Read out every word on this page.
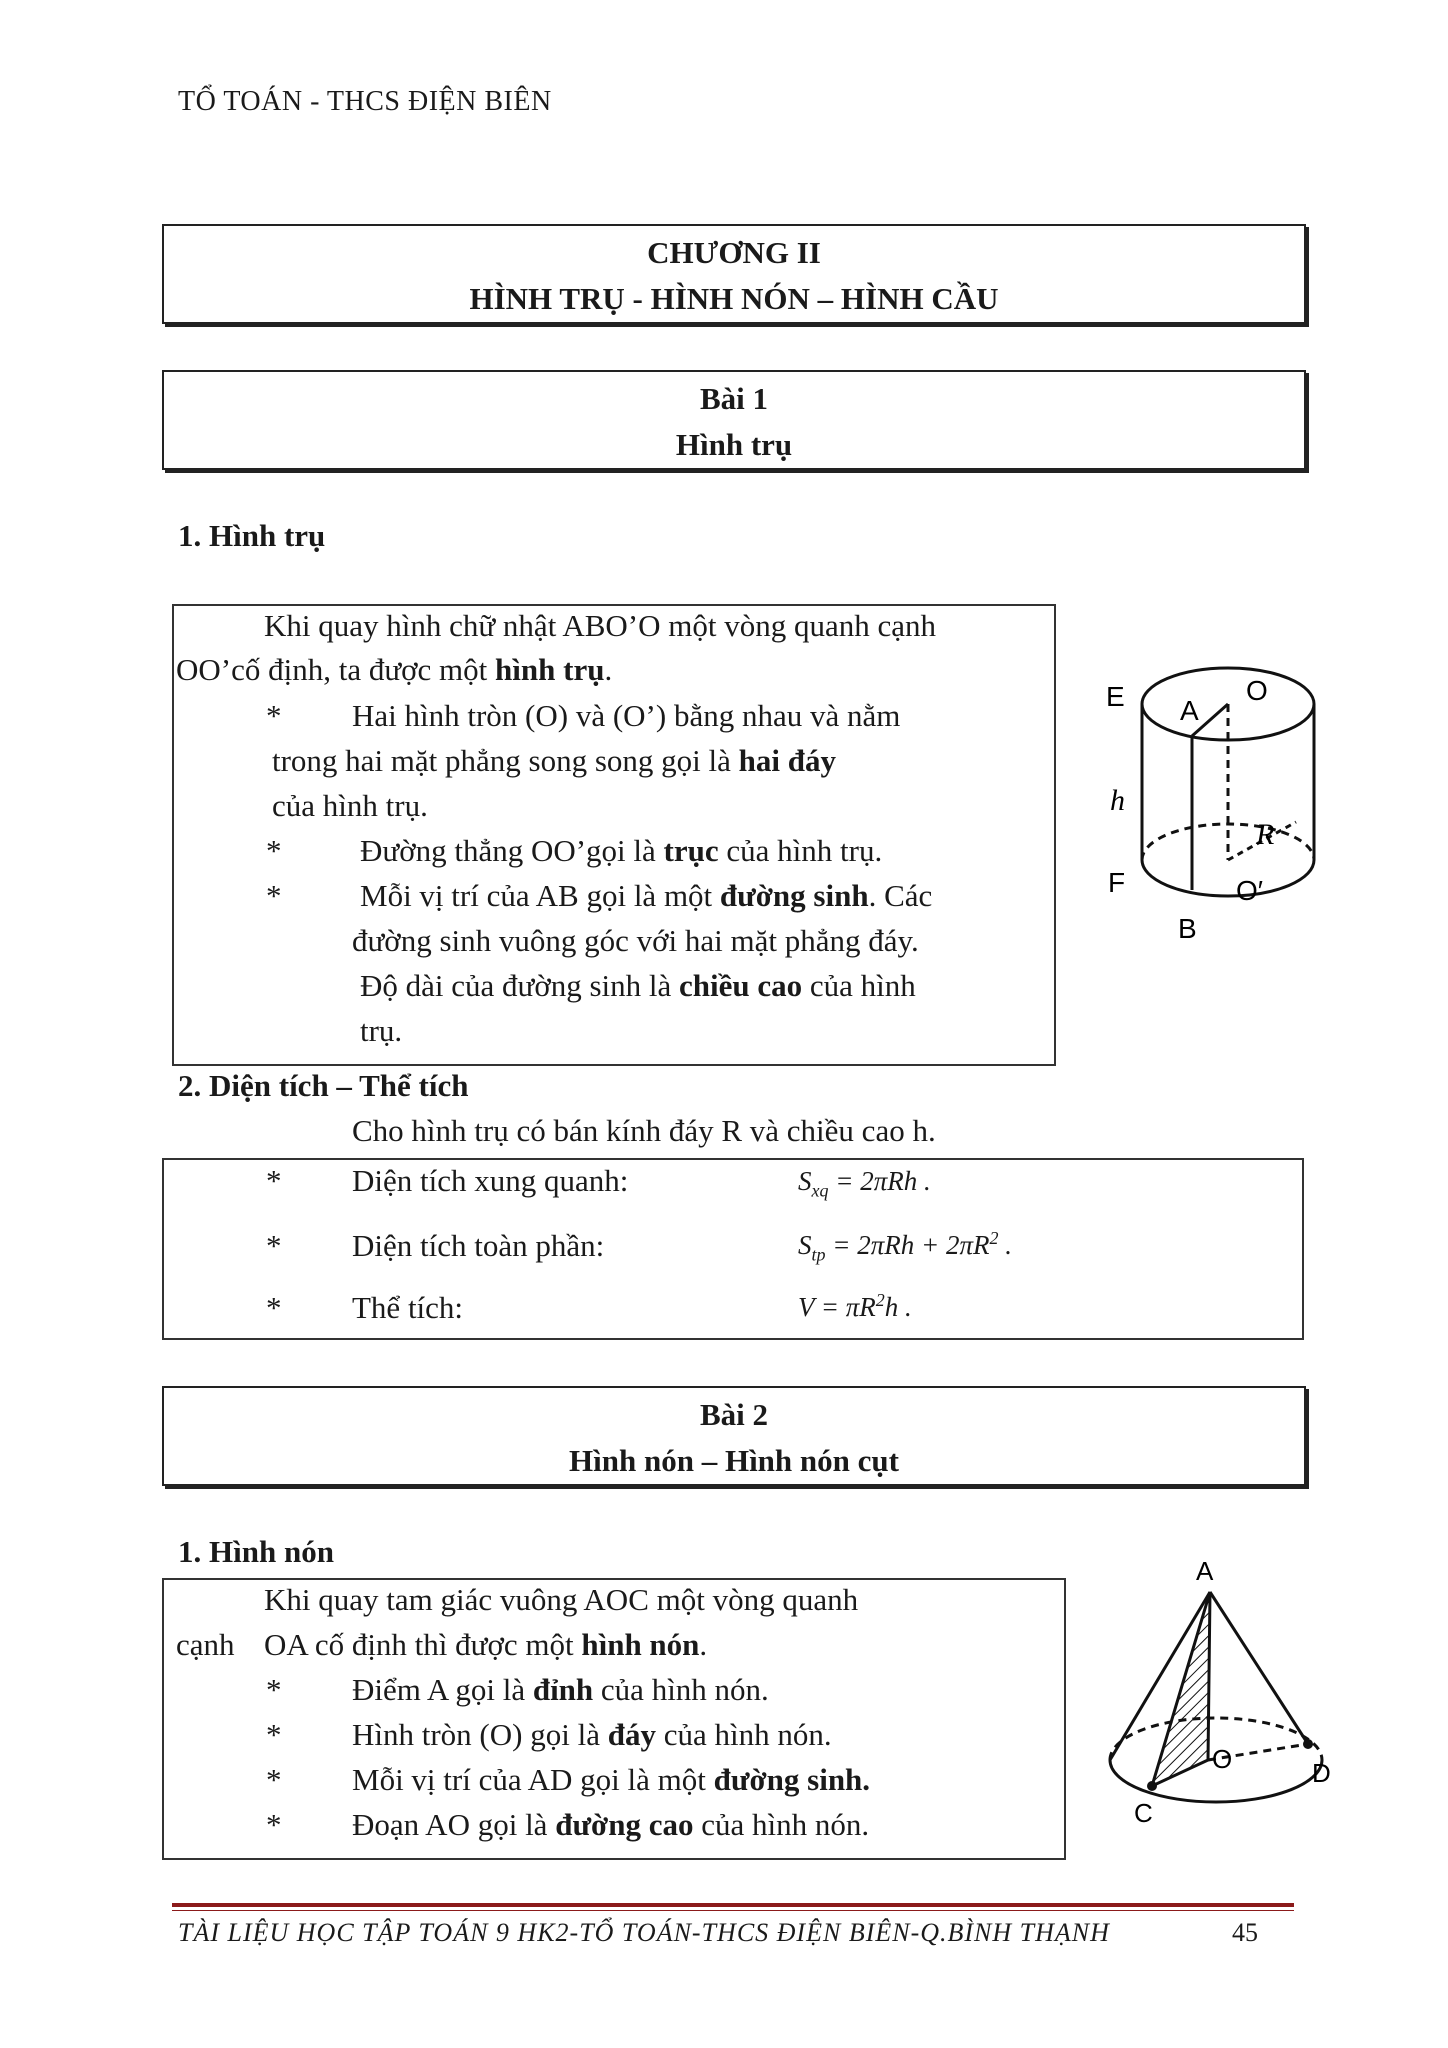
TỔ TOÁN - THCS ĐIỆN BIÊN
CHƯƠNG II
HÌNH TRỤ - HÌNH NÓN – HÌNH CẦU
Bài 1
Hình trụ
1. Hình trụ
Khi quay hình chữ nhật ABO’O một vòng quanh cạnh
OO’cố định, ta được một hình trụ.
* Hai hình tròn (O) và (O’) bằng nhau và nằm
trong hai mặt phẳng song song gọi là hai đáy
của hình trụ.
*	Đường thẳng OO’gọi là trục của hình trụ.
*	Mỗi vị trí của AB gọi là một đường sinh. Các
đường sinh vuông góc với hai mặt phẳng đáy.
Độ dài của đường sinh là chiều cao của hình
trụ.
E A
O
h
R
F	O′
B
2. Diện tích – Thể tích
Cho hình trụ có bán kính đáy R và chiều cao h.
* Diện tích xung quanh:	$S_{xq} = 2\pi Rh$ .
* Diện tích toàn phần:	$S_{tp} = 2\pi Rh + 2\pi R^2$ .
* Thể tích:	$V = \pi R^2h$ .
Bài 2
Hình nón – Hình nón cụt
1. Hình nón
Khi quay tam giác vuông AOC một vòng quanh
cạnh OA cố định thì được một hình nón.
* Điểm A gọi là đỉnh của hình nón.
* Hình tròn (O) gọi là đáy của hình nón.
* Mỗi vị trí của AD gọi là một đường sinh.
* Đoạn AO gọi là đường cao của hình nón.
A
O
C
D
TÀI LIỆU HỌC TẬP TOÁN 9 HK2-TỔ TOÁN-THCS ĐIỆN BIÊN-Q.BÌNH THẠNH	45
